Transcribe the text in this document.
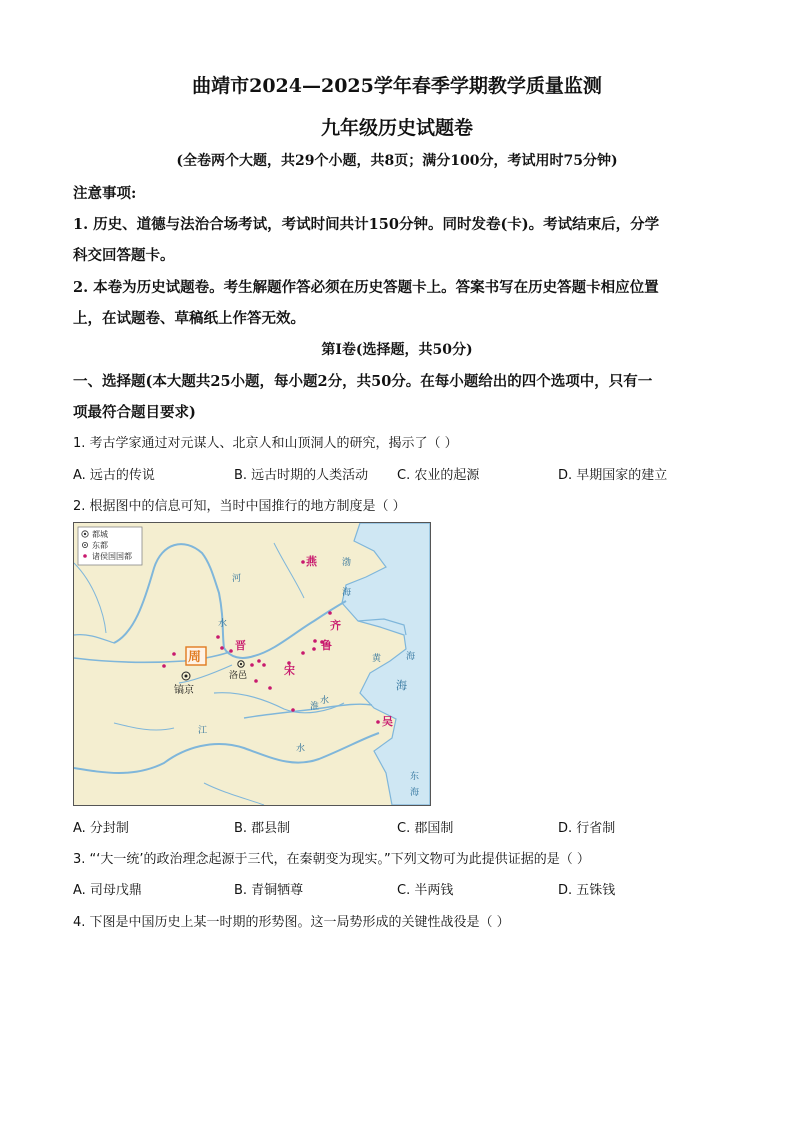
曲靖市2024—2025学年春季学期教学质量监测
九年级历史试题卷
(全卷两个大题，共29个小题，共8页；满分100分，考试用时75分钟)
注意事项:
1. 历史、道德与法治合场考试，考试时间共计150分钟。同时发卷(卡)。考试结束后，分学
科交回答题卡。
2. 本卷为历史试题卷。考生解题作答必须在历史答题卡上。答案书写在历史答题卡相应位置
上，在试题卷、草稿纸上作答无效。
第Ⅰ卷(选择题，共50分)
一、选择题(本大题共25小题，每小题2分，共50分。在每小题给出的四个选项中，只有一
项最符合题目要求)
1. 考古学家通过对元谋人、北京人和山顶洞人的研究，揭示了（ ）
A. 远古的传说	B. 远古时期的人类活动 C. 农业的起源	D. 早期国家的建立
2. 根据图中的信息可知，当时中国推行的地方制度是（ ）
都城
东都
诸侯国国都
河
水
渤
海
黄	海
海
江
水
淮
水
东
海
周
镐京
洛邑
燕
齐
鲁
晋
宋
吴
A. 分封制	B. 郡县制	C. 郡国制	D. 行省制
3. “‘大一统’的政治理念起源于三代，在秦朝变为现实。”下列文物可为此提供证据的是（ ）
A. 司母戊鼎	B. 青铜牺尊	C. 半两钱	D. 五铢钱
4. 下图是中国历史上某一时期的形势图。这一局势形成的关键性战役是（ ）
